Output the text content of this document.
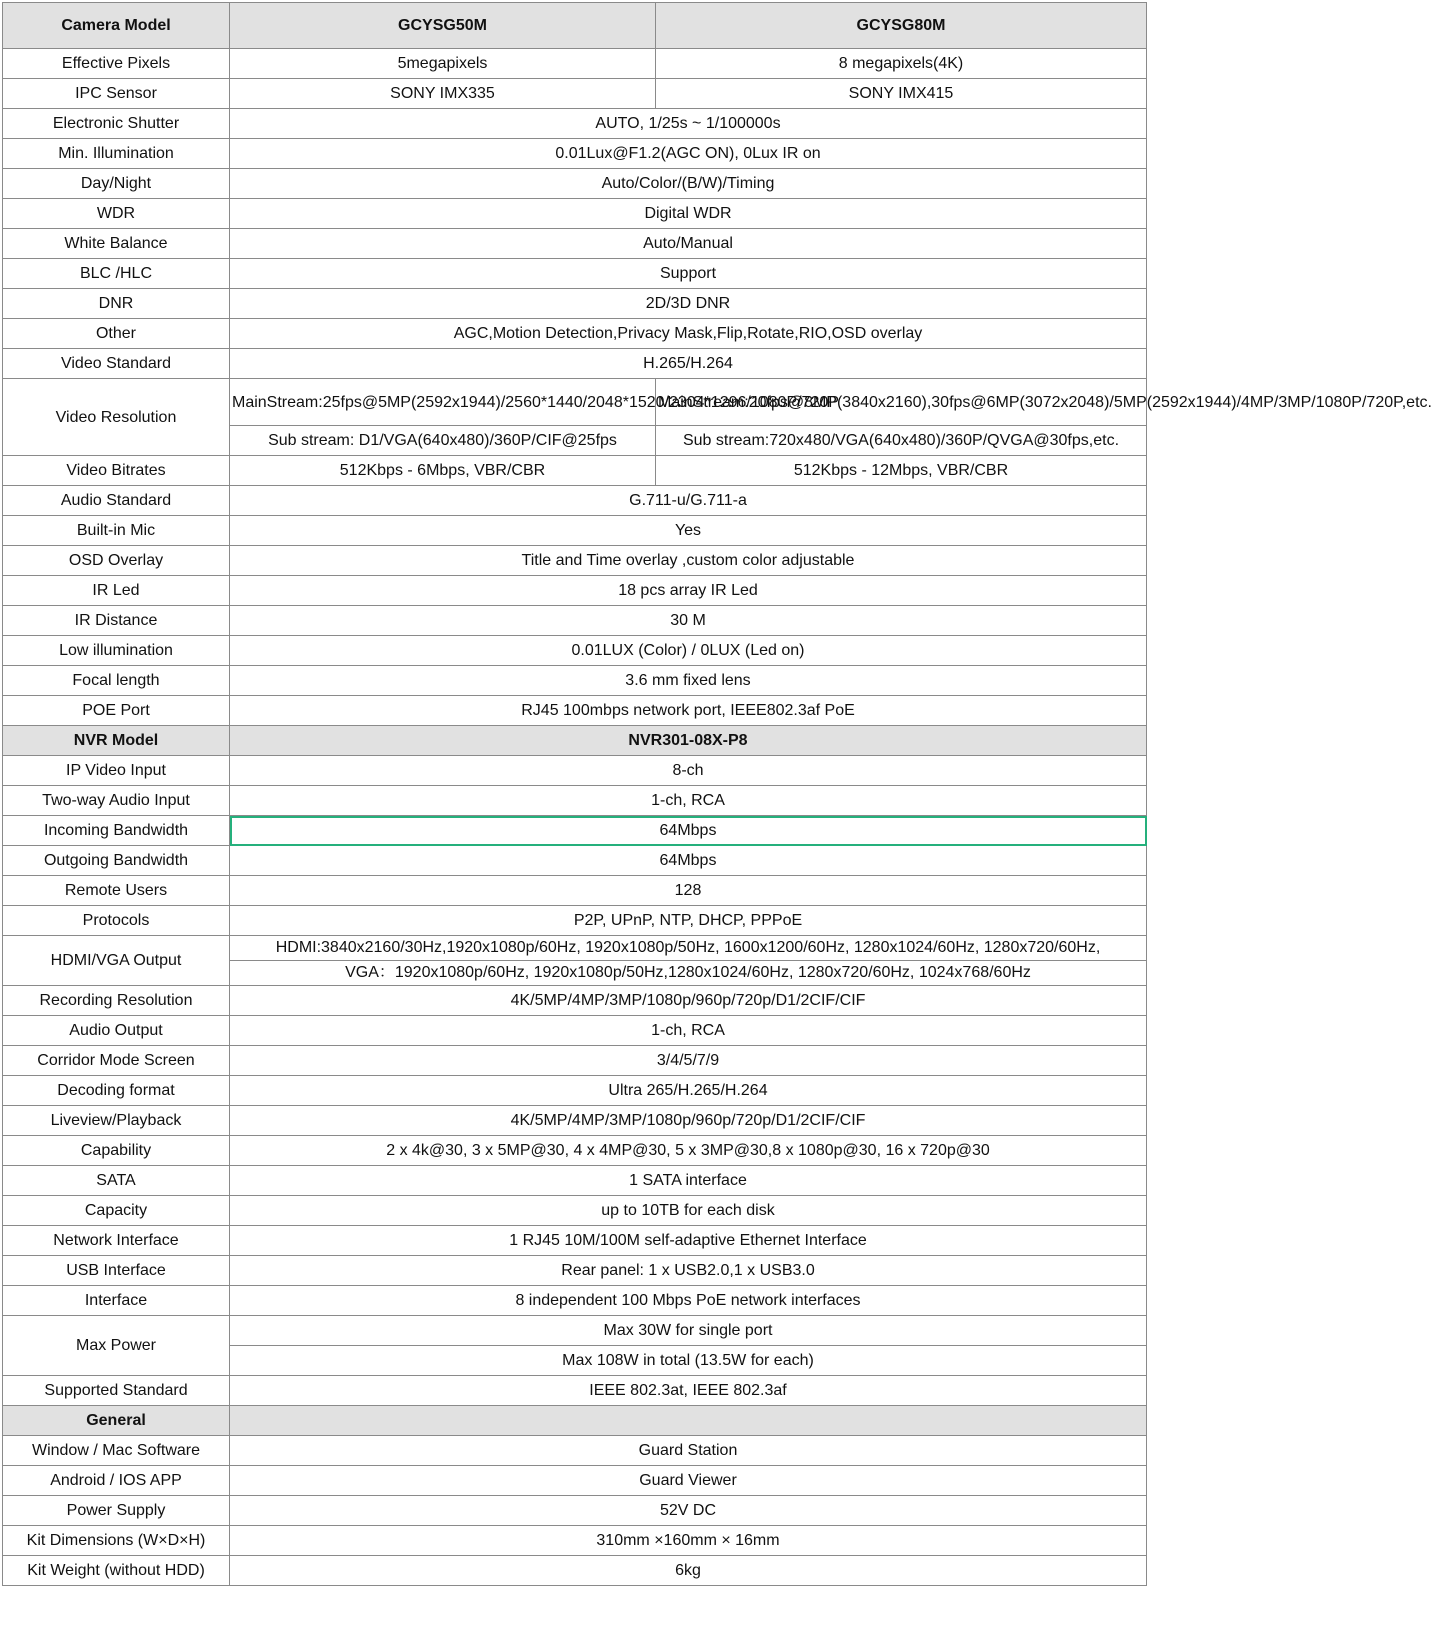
Camera Model	GCYSG50M	GCYSG80M
Effective Pixels	5megapixels	8 megapixels(4K)
IPC Sensor	SONY IMX335	SONY IMX415
Electronic Shutter	AUTO, 1/25s ~ 1/100000s	
Min. Illumination	0.01Lux@F1.2(AGC ON), 0Lux IR on	
Day/Night	Auto/Color/(B/W)/Timing	
WDR	Digital WDR	
White Balance	Auto/Manual	
BLC /HLC	Support	
DNR	2D/3D DNR	
Other	AGC,Motion Detection,Privacy Mask,Flip,Rotate,RIO,OSD overlay	
Video Standard	H.265/H.264	
Video Resolution	MainStream:25fps@5MP(2592x1944)/2560*1440/2048*1520/2304*1296/1080P/720P	MainStream:20fps@8MP(3840x2160),30fps@6MP(3072x2048)/5MP(2592x1944)/4MP/3MP/1080P/720P,etc.
	Sub stream: D1/VGA(640x480)/360P/CIF@25fps	Sub stream:720x480/VGA(640x480)/360P/QVGA@30fps,etc.
Video Bitrates	512Kbps - 6Mbps, VBR/CBR	512Kbps - 12Mbps, VBR/CBR
Audio Standard	G.711-u/G.711-a	
Built-in Mic	Yes	
OSD Overlay	Title and Time overlay ,custom color adjustable	
IR Led	18 pcs array IR Led	
IR Distance	30 M	
Low illumination	0.01LUX (Color) / 0LUX (Led on)	
Focal length	3.6 mm fixed lens	
POE Port	RJ45 100mbps network port, IEEE802.3af PoE	
NVR Model	NVR301-08X-P8	
IP Video Input	8-ch	
Two-way Audio Input	1-ch, RCA	
Incoming Bandwidth	64Mbps	
Outgoing Bandwidth	64Mbps	
Remote Users	128	
Protocols	P2P, UPnP, NTP, DHCP, PPPoE	
HDMI/VGA Output	HDMI:3840x2160/30Hz,1920x1080p/60Hz, 1920x1080p/50Hz, 1600x1200/60Hz, 1280x1024/60Hz, 1280x720/60Hz,	
	VGA：1920x1080p/60Hz, 1920x1080p/50Hz,1280x1024/60Hz, 1280x720/60Hz, 1024x768/60Hz	
Recording Resolution	4K/5MP/4MP/3MP/1080p/960p/720p/D1/2CIF/CIF	
Audio Output	1-ch, RCA	
Corridor Mode Screen	3/4/5/7/9	
Decoding format	Ultra 265/H.265/H.264	
Liveview/Playback	4K/5MP/4MP/3MP/1080p/960p/720p/D1/2CIF/CIF	
Capability	2 x 4k@30, 3 x 5MP@30, 4 x 4MP@30, 5 x 3MP@30,8 x 1080p@30, 16 x 720p@30	
SATA	1 SATA interface	
Capacity	up to 10TB for each disk	
Network Interface	1 RJ45 10M/100M self-adaptive Ethernet Interface	
USB Interface	Rear panel: 1 x USB2.0,1 x USB3.0	
Interface	8 independent 100 Mbps PoE network interfaces	
Max Power	Max 30W for single port	
	Max 108W in total (13.5W for each)	
Supported Standard	IEEE 802.3at, IEEE 802.3af	
General		
Window / Mac Software	Guard Station	
Android / IOS APP	Guard Viewer	
Power Supply	52V DC	
Kit Dimensions (W×D×H)	310mm ×160mm × 16mm	
Kit Weight (without HDD)	6kg	
